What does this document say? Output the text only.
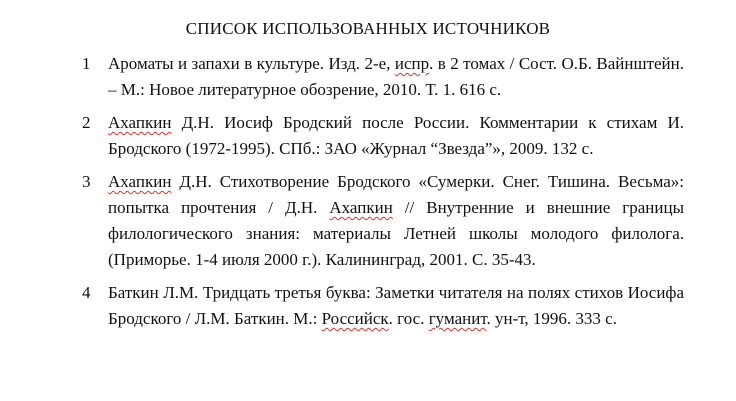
СПИСОК ИСПОЛЬЗОВАННЫХ ИСТОЧНИКОВ
1	Ароматы и запахи в культуре. Изд. 2-е, испр. в 2 томах / Сост. О.Б. Вайнштейн. – М.: Новое литературное обозрение, 2010. Т. 1. 616 с.
2	Ахапкин Д.Н. Иосиф Бродский после России. Комментарии к стихам И. Бродского (1972-1995). СПб.: ЗАО «Журнал “Звезда”», 2009. 132 с.
3	Ахапкин Д.Н. Стихотворение Бродского «Сумерки. Снег. Тишина. Весьма»: попытка прочтения / Д.Н. Ахапкин // Внутренние и внешние границы филологического знания: материалы Летней школы молодого филолога. (Приморье. 1-4 июля 2000 г.). Калининград, 2001. С. 35-43.
4	Баткин Л.М. Тридцать третья буква: Заметки читателя на полях стихов Иосифа Бродского / Л.М. Баткин. М.: Российск. гос. гуманит. ун-т, 1996. 333 с.
